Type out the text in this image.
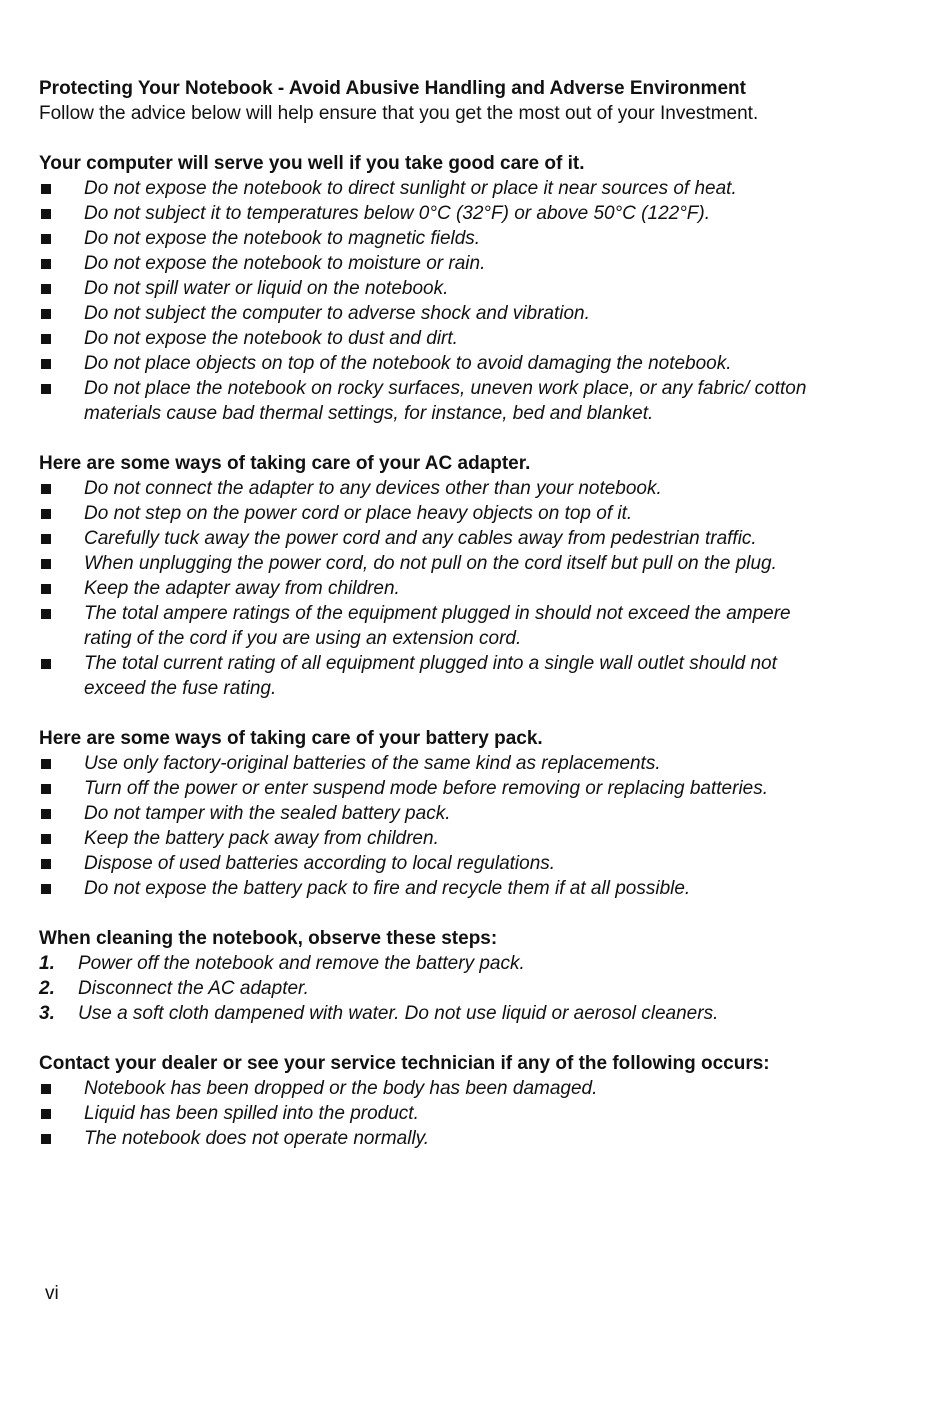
Protecting Your Notebook - Avoid Abusive Handling and Adverse Environment

Follow the advice below will help ensure that you get the most out of your Investment.

Your computer will serve you well if you take good care of it.

Do not expose the notebook to direct sunlight or place it near sources of heat.
Do not subject it to temperatures below 0°C (32°F) or above 50°C (122°F).
Do not expose the notebook to magnetic fields.
Do not expose the notebook to moisture or rain.
Do not spill water or liquid on the notebook.
Do not subject the computer to adverse shock and vibration.
Do not expose the notebook to dust and dirt.
Do not place objects on top of the notebook to avoid damaging the notebook.
Do not place the notebook on rocky surfaces, uneven work place, or any fabric/ cotton materials cause bad thermal settings, for instance, bed and blanket.

Here are some ways of taking care of your AC adapter.

Do not connect the adapter to any devices other than your notebook.
Do not step on the power cord or place heavy objects on top of it.
Carefully tuck away the power cord and any cables away from pedestrian traffic.
When unplugging the power cord, do not pull on the cord itself but pull on the plug.
Keep the adapter away from children.
The total ampere ratings of the equipment plugged in should not exceed the ampere rating of the cord if you are using an extension cord.
The total current rating of all equipment plugged into a single wall outlet should not exceed the fuse rating.

Here are some ways of taking care of your battery pack.

Use only factory-original batteries of the same kind as replacements.
Turn off the power or enter suspend mode before removing or replacing batteries.
Do not tamper with the sealed battery pack.
Keep the battery pack away from children.
Dispose of used batteries according to local regulations.
Do not expose the battery pack to fire and recycle them if at all possible.

When cleaning the notebook, observe these steps:

1. Power off the notebook and remove the battery pack.
2. Disconnect the AC adapter.
3. Use a soft cloth dampened with water. Do not use liquid or aerosol cleaners.

Contact your dealer or see your service technician if any of the following occurs:

Notebook has been dropped or the body has been damaged.
Liquid has been spilled into the product.
The notebook does not operate normally.
vi
